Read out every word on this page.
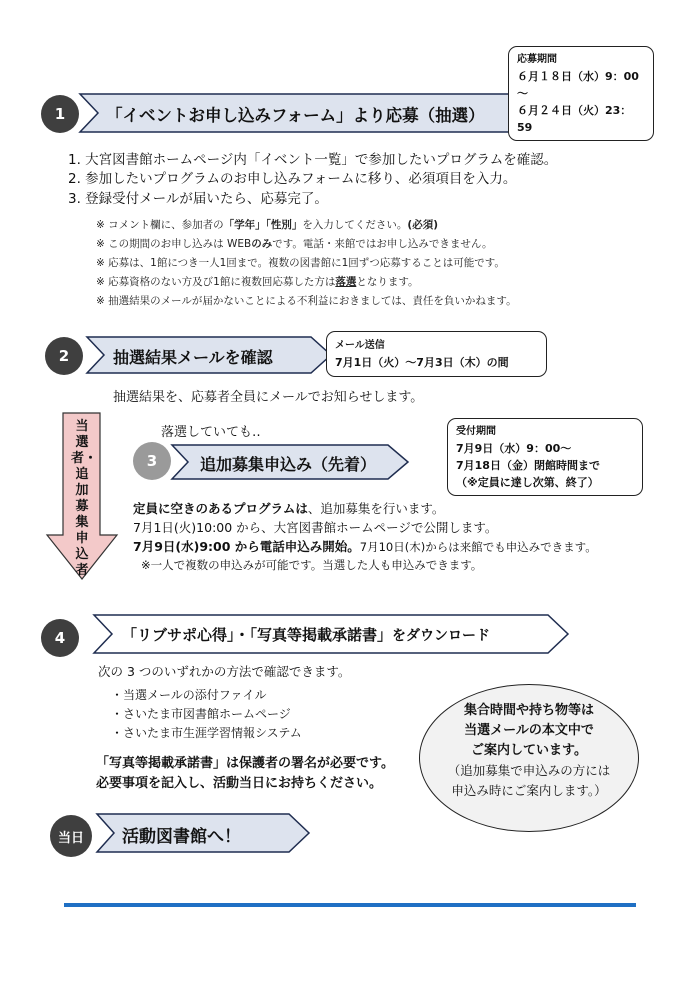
1 「イベントお申し込みフォーム」より応募（抽選）
応募期間
６月１８日（水）9：00～
６月２４日（火）23：59
1. 大宮図書館ホームページ内「イベント一覧」で参加したいプログラムを確認。
2. 参加したいプログラムのお申し込みフォームに移り、必須項目を入力。
3. 登録受付メールが届いたら、応募完了。
※ コメント欄に、参加者の「学年」「性別」を入力してください。(必須)
※ この期間のお申し込みは WEBのみです。電話・来館ではお申し込みできません。
※ 応募は、1館につき一人1回まで。複数の図書館に1回ずつ応募することは可能です。
※ 応募資格のない方及び1館に複数回応募した方は落選となります。
※ 抽選結果のメールが届かないことによる不利益におきましては、責任を負いかねます。
2	抽選結果メールを確認
メール送信
7月1日（火）～7月3日（木）の間
抽選結果を、応募者全員にメールでお知らせします。
当選者・追加募集申込者
落選していても‥
3	追加募集申込み（先着）
受付期間
7月9日（水）9：00～
7月18日（金）閉館時間まで
（※定員に達し次第、終了）
定員に空きのあるプログラムは、追加募集を行います。
7月1日(火)10:00 から、大宮図書館ホームページで公開します。
7月9日(水)9:00 から電話申込み開始。7月10日(木)からは来館でも申込みできます。
※一人で複数の申込みが可能です。当選した人も申込みできます。
4	「リブサポ心得」・「写真等掲載承諾書」をダウンロード
次の 3 つのいずれかの方法で確認できます。
・当選メールの添付ファイル
・さいたま市図書館ホームページ
・さいたま市生涯学習情報システム
「写真等掲載承諾書」は保護者の署名が必要です。
必要事項を記入し、活動当日にお持ちください。
集合時間や持ち物等は
当選メールの本文中で
ご案内しています。
（追加募集で申込みの方には
申込み時にご案内します。）
当日 活動図書館へ！
